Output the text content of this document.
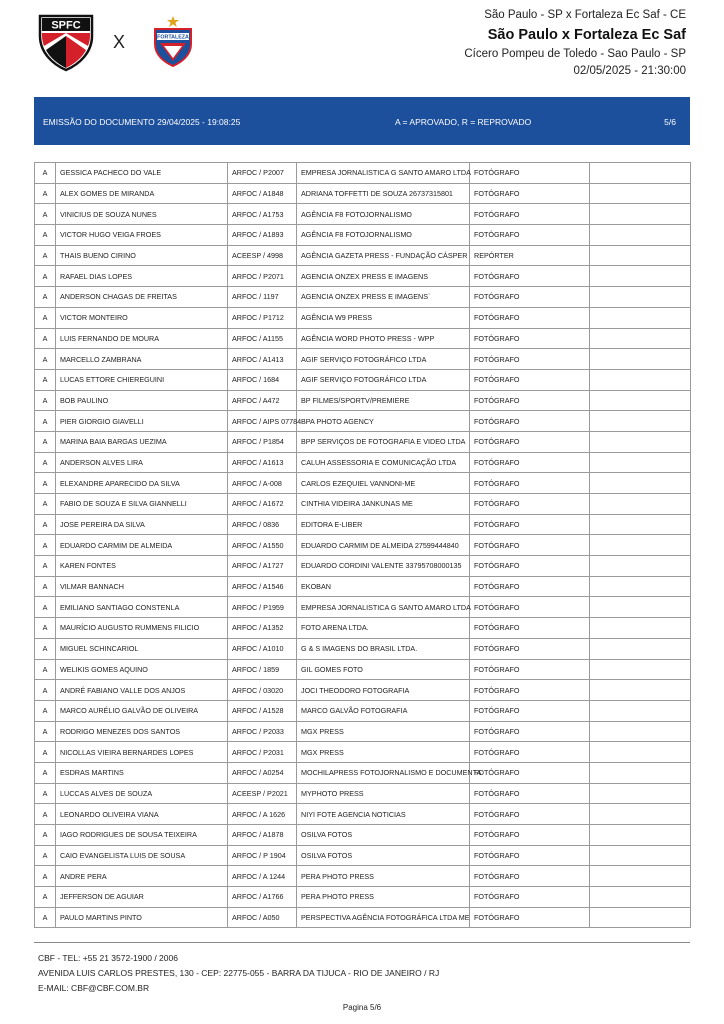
SPFC
X	FORTALEZA
São Paulo - SP x Fortaleza Ec Saf - CE
São Paulo x Fortaleza Ec Saf
Cícero Pompeu de Toledo - Sao Paulo - SP
02/05/2025 - 21:30:00
EMISSÃO DO DOCUMENTO 29/04/2025 - 19:08:25	A = APROVADO, R = REPROVADO	5/6
A	GESSICA PACHECO DO VALE	ARFOC / P2007	EMPRESA JORNALISTICA G SANTO AMARO LTDA	FOTÓGRAFO	
A	ALEX GOMES DE MIRANDA	ARFOC / A1848	ADRIANA TOFFETTI DE SOUZA 26737315801	FOTÓGRAFO	
A	VINICIUS DE SOUZA NUNES	ARFOC / A1753	AGÊNCIA F8 FOTOJORNALISMO	FOTÓGRAFO	
A	VICTOR HUGO VEIGA FROES	ARFOC / A1893	AGÊNCIA F8 FOTOJORNALISMO	FOTÓGRAFO	
A	THAIS BUENO CIRINO	ACEESP / 4998	AGÊNCIA GAZETA PRESS - FUNDAÇÃO CÁSPER	REPÓRTER	
A	RAFAEL DIAS LOPES	ARFOC / P2071	AGENCIA ONZEX PRESS E IMAGENS	FOTÓGRAFO	
A	ANDERSON CHAGAS DE FREITAS	ARFOC / 1197	AGENCIA ONZEX PRESS E IMAGENS`	FOTÓGRAFO	
A	VICTOR MONTEIRO	ARFOC / P1712	AGÊNCIA W9 PRESS	FOTÓGRAFO	
A	LUIS FERNANDO DE MOURA	ARFOC / A1155	AGÊNCIA WORD PHOTO PRESS - WPP	FOTÓGRAFO	
A	MARCELLO ZAMBRANA	ARFOC / A1413	AGIF SERVIÇO FOTOGRÁFICO LTDA	FOTÓGRAFO	
A	LUCAS ETTORE CHIEREGUINI	ARFOC / 1684	AGIF SERVIÇO FOTOGRÁFICO LTDA	FOTÓGRAFO	
A	BOB PAULINO	ARFOC / A472	BP FILMES/SPORTV/PREMIERE	FOTÓGRAFO	
A	PIER GIORGIO GIAVELLI	ARFOC / AIPS 07784	BPA PHOTO AGENCY	FOTÓGRAFO	
A	MARINA BAIA BARGAS UEZIMA	ARFOC / P1854	BPP SERVIÇOS DE FOTOGRAFIA E VIDEO LTDA	FOTÓGRAFO	
A	ANDERSON ALVES LIRA	ARFOC / A1613	CALUH ASSESSORIA E COMUNICAÇÃO LTDA	FOTÓGRAFO	
A	ELEXANDRE APARECIDO DA SILVA	ARFOC / A-008	CARLOS EZEQUIEL VANNONI-ME	FOTÓGRAFO	
A	FABIO DE SOUZA E SILVA GIANNELLI	ARFOC / A1672	CINTHIA VIDEIRA JANKUNAS ME	FOTÓGRAFO	
A	JOSE PEREIRA DA SILVA	ARFOC / 0836	EDITORA E-LIBER	FOTÓGRAFO	
A	EDUARDO CARMIM DE ALMEIDA	ARFOC / A1550	EDUARDO CARMIM DE ALMEIDA 27599444840	FOTÓGRAFO	
A	KAREN FONTES	ARFOC / A1727	EDUARDO CORDINI VALENTE 33795708000135	FOTÓGRAFO	
A	VILMAR BANNACH	ARFOC / A1546	EKOBAN	FOTÓGRAFO	
A	EMILIANO SANTIAGO CONSTENLA	ARFOC / P1959	EMPRESA JORNALISTICA G SANTO AMARO LTDA	FOTÓGRAFO	
A	MAURÍCIO AUGUSTO RUMMENS FILICIO	ARFOC / A1352	FOTO ARENA LTDA.	FOTÓGRAFO	
A	MIGUEL SCHINCARIOL	ARFOC / A1010	G & S IMAGENS DO BRASIL LTDA.	FOTÓGRAFO	
A	WELIKIS GOMES AQUINO	ARFOC / 1859	GIL GOMES FOTO	FOTÓGRAFO	
A	ANDRÉ FABIANO VALLE DOS ANJOS	ARFOC / 03020	JOCI THEODORO FOTOGRAFIA	FOTÓGRAFO	
A	MARCO AURÉLIO GALVÃO DE OLIVEIRA	ARFOC / A1528	MARCO GALVÃO FOTOGRAFIA	FOTÓGRAFO	
A	RODRIGO MENEZES DOS SANTOS	ARFOC / P2033	MGX PRESS	FOTÓGRAFO	
A	NICOLLAS VIEIRA BERNARDES LOPES	ARFOC / P2031	MGX PRESS	FOTÓGRAFO	
A	ESDRAS MARTINS	ARFOC / A0254	MOCHILAPRESS FOTOJORNALISMO E DOCUMENTA	FOTÓGRAFO	
A	LUCCAS ALVES DE SOUZA	ACEESP / P2021	MYPHOTO PRESS	FOTÓGRAFO	
A	LEONARDO OLIVEIRA VIANA	ARFOC / A 1626	NIYI FOTE AGENCIA NOTICIAS	FOTÓGRAFO	
A	IAGO RODRIGUES DE SOUSA TEIXEIRA	ARFOC / A1878	OSILVA FOTOS	FOTÓGRAFO	
A	CAIO EVANGELISTA LUIS DE SOUSA	ARFOC / P 1904	OSILVA FOTOS	FOTÓGRAFO	
A	ANDRE PERA	ARFOC / A 1244	PERA PHOTO PRESS	FOTÓGRAFO	
A	JEFFERSON DE AGUIAR	ARFOC / A1766	PERA PHOTO PRESS	FOTÓGRAFO	
A	PAULO MARTINS PINTO	ARFOC / A050	PERSPECTIVA AGÊNCIA FOTOGRÁFICA LTDA ME	FOTÓGRAFO	
CBF - TEL: +55 21 3572-1900 / 2006
AVENIDA LUIS CARLOS PRESTES, 130 - CEP: 22775-055 - BARRA DA TIJUCA - RIO DE JANEIRO / RJ
E-MAIL: CBF@CBF.COM.BR
Pagina 5/6
